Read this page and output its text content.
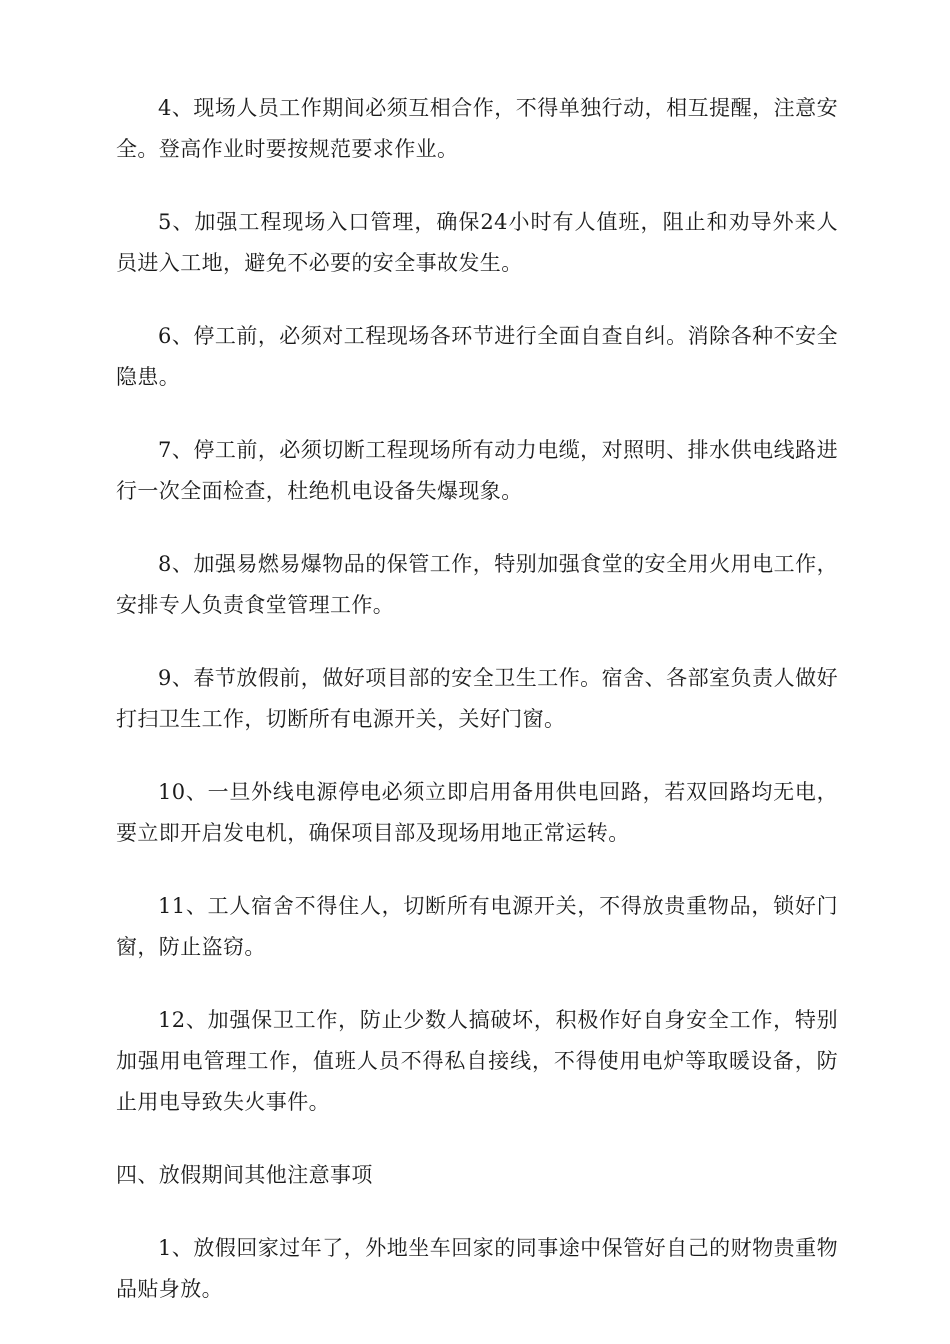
4、现场人员工作期间必须互相合作，不得单独行动，相互提醒，注意安全。登高作业时要按规范要求作业。

5、加强工程现场入口管理，确保24小时有人值班，阻止和劝导外来人员进入工地，避免不必要的安全事故发生。

6、停工前，必须对工程现场各环节进行全面自查自纠。消除各种不安全隐患。

7、停工前，必须切断工程现场所有动力电缆，对照明、排水供电线路进行一次全面检查，杜绝机电设备失爆现象。

8、加强易燃易爆物品的保管工作，特别加强食堂的安全用火用电工作，安排专人负责食堂管理工作。

9、春节放假前，做好项目部的安全卫生工作。宿舍、各部室负责人做好打扫卫生工作，切断所有电源开关，关好门窗。

10、一旦外线电源停电必须立即启用备用供电回路，若双回路均无电，要立即开启发电机，确保项目部及现场用地正常运转。

11、工人宿舍不得住人，切断所有电源开关，不得放贵重物品，锁好门窗，防止盗窃。

12、加强保卫工作，防止少数人搞破坏，积极作好自身安全工作，特别加强用电管理工作，值班人员不得私自接线，不得使用电炉等取暖设备，防止用电导致失火事件。

四、放假期间其他注意事项

1、放假回家过年了，外地坐车回家的同事途中保管好自己的财物贵重物品贴身放。
